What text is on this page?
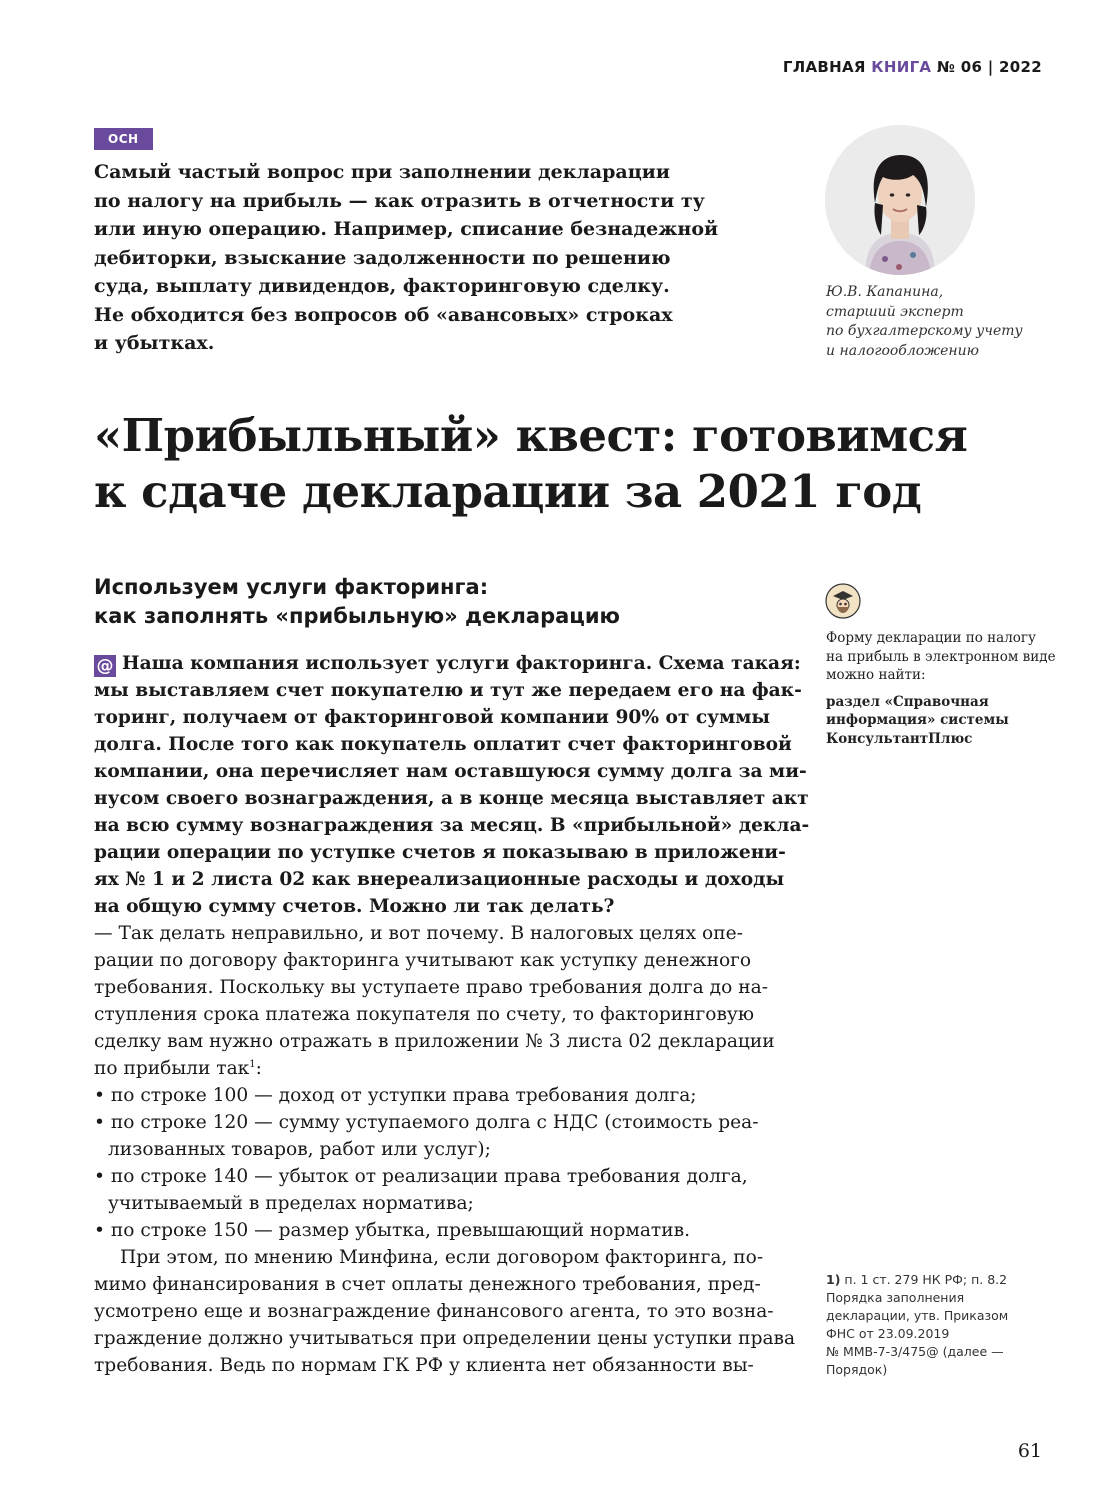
ГЛАВНАЯ КНИГА № 06 | 2022
ОСН
Самый частый вопрос при заполнении декларации
по налогу на прибыль — как отразить в отчетности ту
или иную операцию. Например, списание безнадежной
дебиторки, взыскание задолженности по решению
суда, выплату дивидендов, факторинговую сделку.
Не обходится без вопросов об «авансовых» строках
и убытках.
Ю.В. Капанина,
старший эксперт
по бухгалтерскому учету
и налогообложению
«Прибыльный» квест: готовимся
к сдаче декларации за 2021 год
Используем услуги факторинга:
как заполнять «прибыльную» декларацию
@ Наша компания использует услуги факторинга. Схема такая:
мы выставляем счет покупателю и тут же передаем его на фак-
торинг, получаем от факторинговой компании 90% от суммы
долга. После того как покупатель оплатит счет факторинговой
компании, она перечисляет нам оставшуюся сумму долга за ми-
нусом своего вознаграждения, а в конце месяца выставляет акт
на всю сумму вознаграждения за месяц. В «прибыльной» декла-
рации операции по уступке счетов я показываю в приложени-
ях № 1 и 2 листа 02 как внереализационные расходы и доходы
на общую сумму счетов. Можно ли так делать?
— Так делать неправильно, и вот почему. В налоговых целях опе-
рации по договору факторинга учитывают как уступку денежного
требования. Поскольку вы уступаете право требования долга до на-
ступления срока платежа покупателя по счету, то факторинговую
сделку вам нужно отражать в приложении № 3 листа 02 декларации
по прибыли так$^1$:
• по строке 100 — доход от уступки права требования долга;
• по строке 120 — сумму уступаемого долга с НДС (стоимость реа-
лизованных товаров, работ или услуг);
• по строке 140 — убыток от реализации права требования долга,
учитываемый в пределах норматива;
• по строке 150 — размер убытка, превышающий норматив.
При этом, по мнению Минфина, если договором факторинга, по-
мимо финансирования в счет оплаты денежного требования, пред-
усмотрено еще и вознаграждение финансового агента, то это возна-
граждение должно учитываться при определении цены уступки права
требования. Ведь по нормам ГК РФ у клиента нет обязанности вы-
Форму декларации по налогу
на прибыль в электронном виде
можно найти:
раздел «Справочная
информация» системы
КонсультантПлюс
1) п. 1 ст. 279 НК РФ; п. 8.2
Порядка заполнения
декларации, утв. Приказом
ФНС от 23.09.2019
№ ММВ-7-3/475@ (далее —
Порядок)
61
